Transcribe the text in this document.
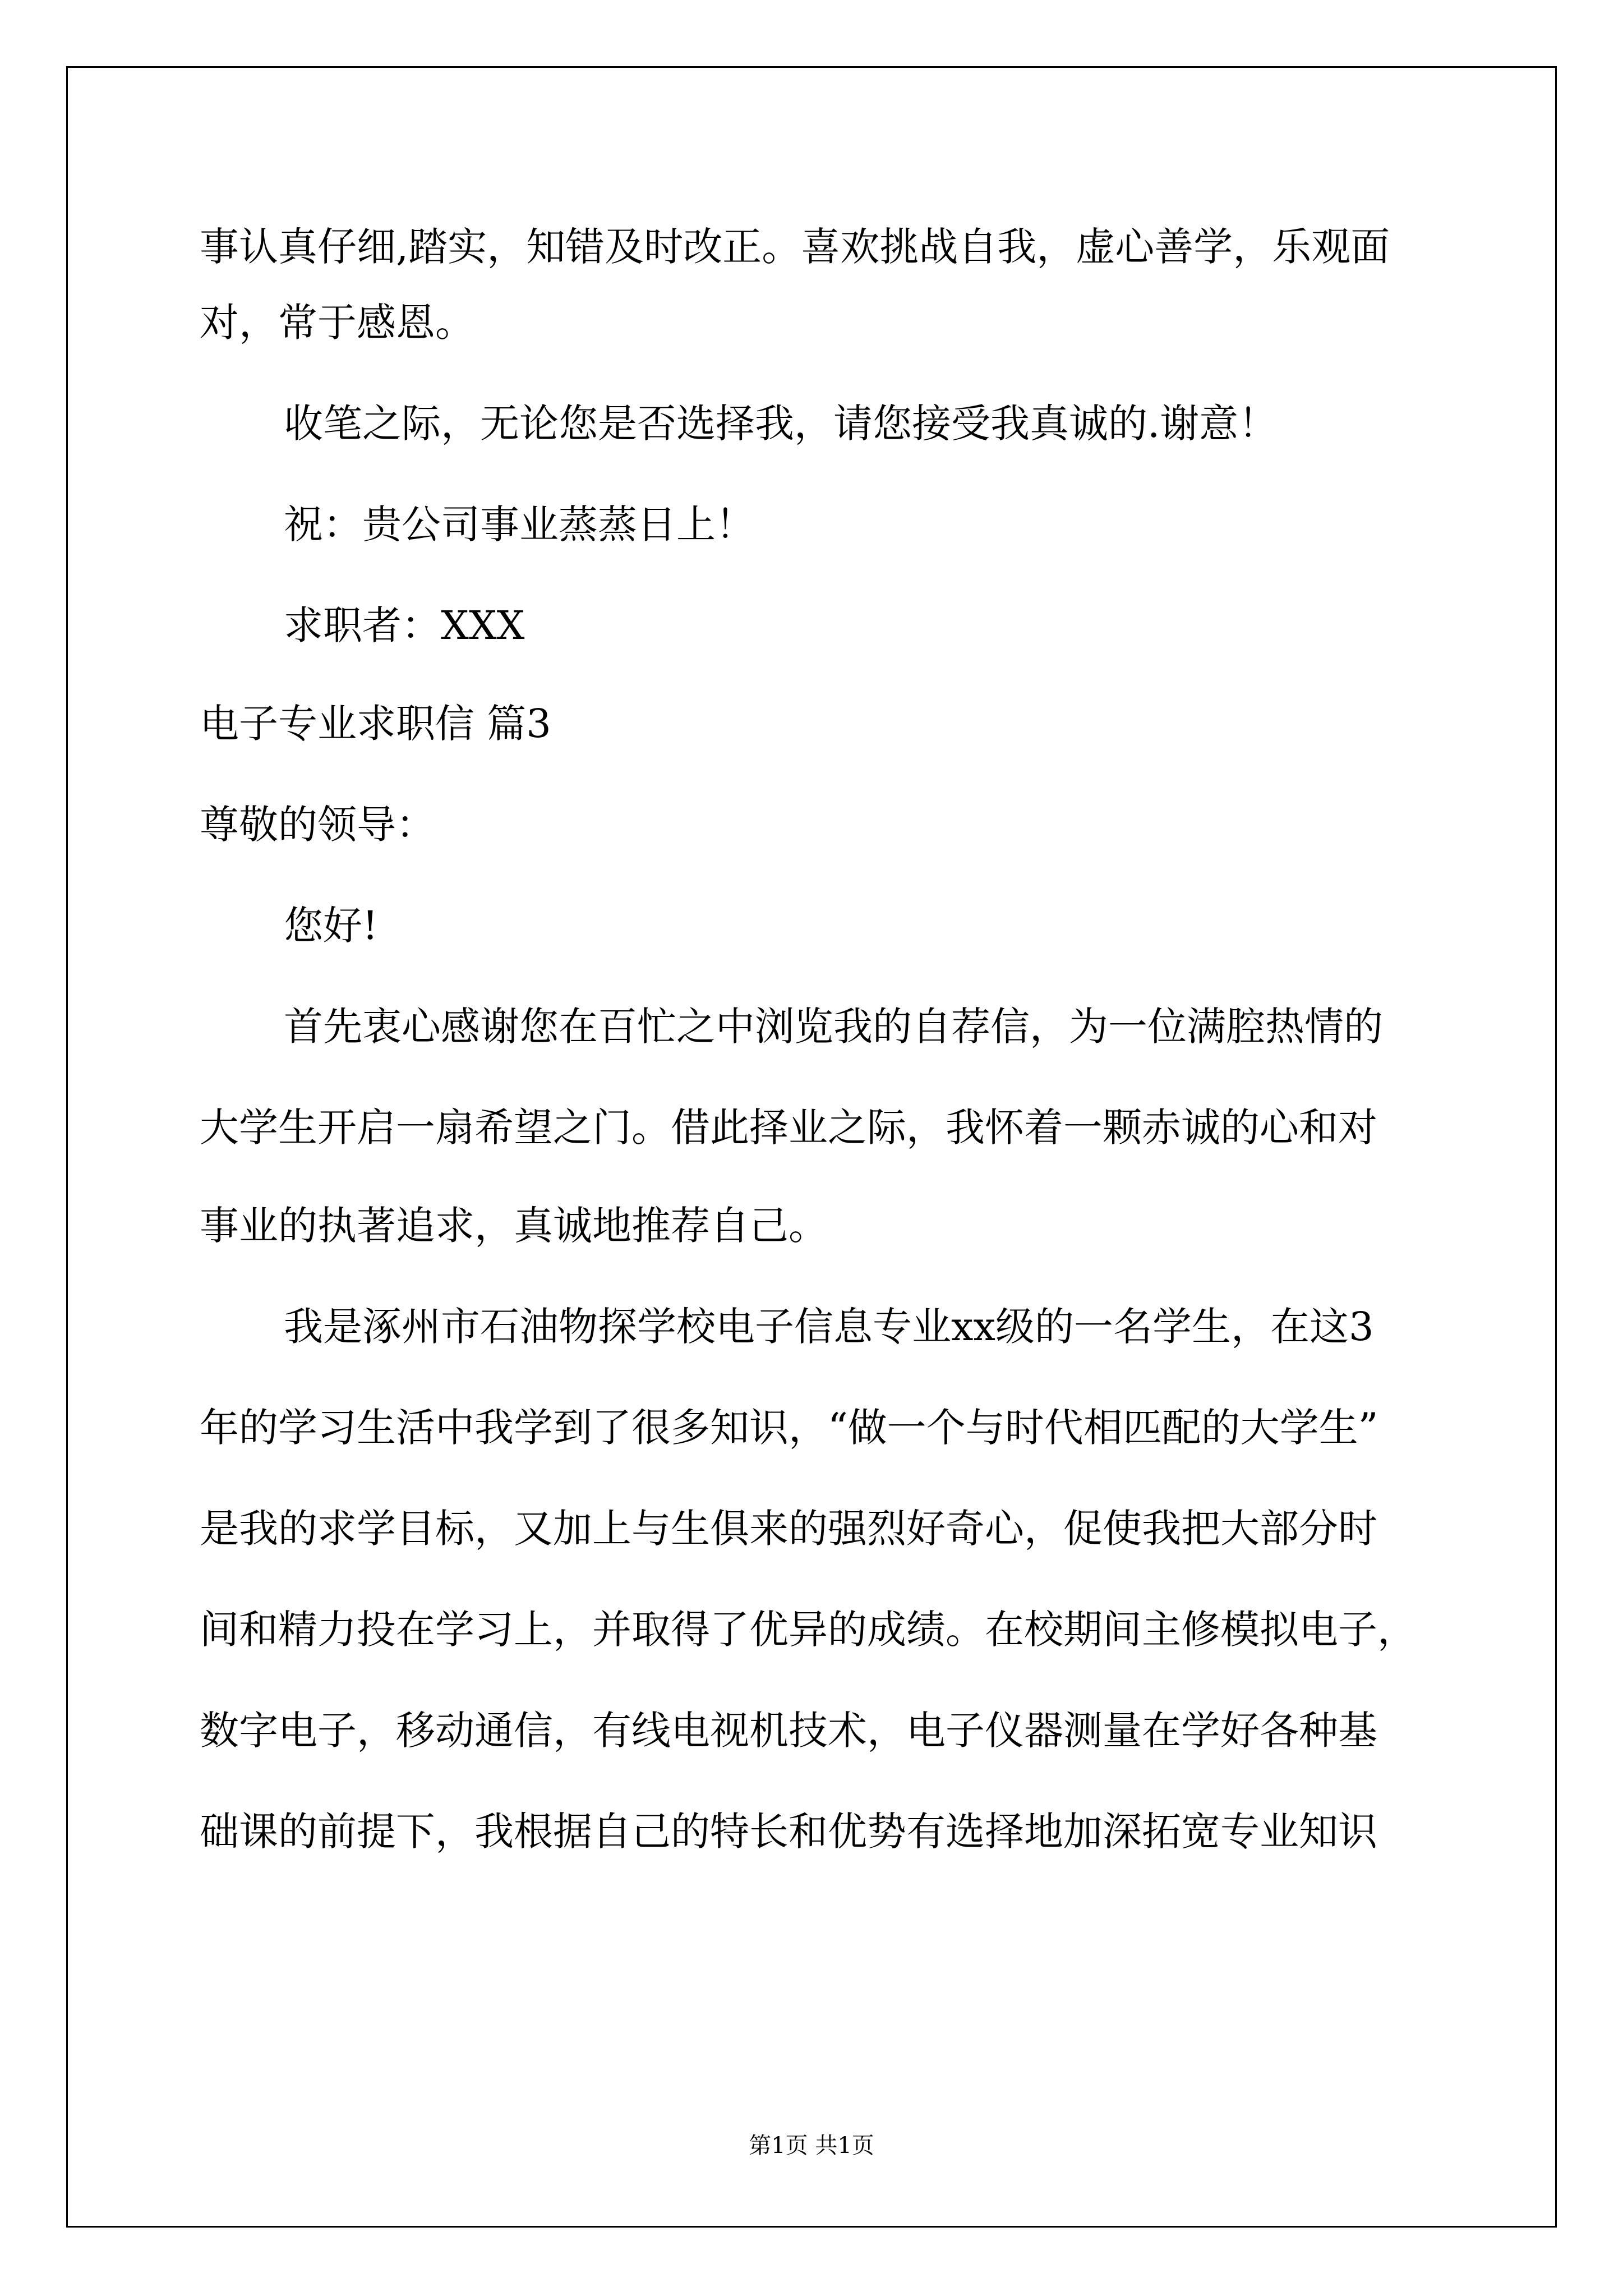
事认真仔细,踏实，知错及时改正。喜欢挑战自我，虚心善学，乐观面
对，常于感恩。
收笔之际，无论您是否选择我，请您接受我真诚的.谢意！
祝：贵公司事业蒸蒸日上！
求职者：XXX
电子专业求职信 篇3
尊敬的领导：
您好!
首先衷心感谢您在百忙之中浏览我的自荐信，为一位满腔热情的
大学生开启一扇希望之门。借此择业之际，我怀着一颗赤诚的心和对
事业的执著追求，真诚地推荐自己。
我是涿州市石油物探学校电子信息专业xx级的一名学生，在这3
年的学习生活中我学到了很多知识，“做一个与时代相匹配的大学生”
是我的求学目标，又加上与生俱来的强烈好奇心，促使我把大部分时
间和精力投在学习上，并取得了优异的成绩。在校期间主修模拟电子，
数字电子，移动通信，有线电视机技术，电子仪器测量在学好各种基
础课的前提下，我根据自己的特长和优势有选择地加深拓宽专业知识
第1页 共1页
